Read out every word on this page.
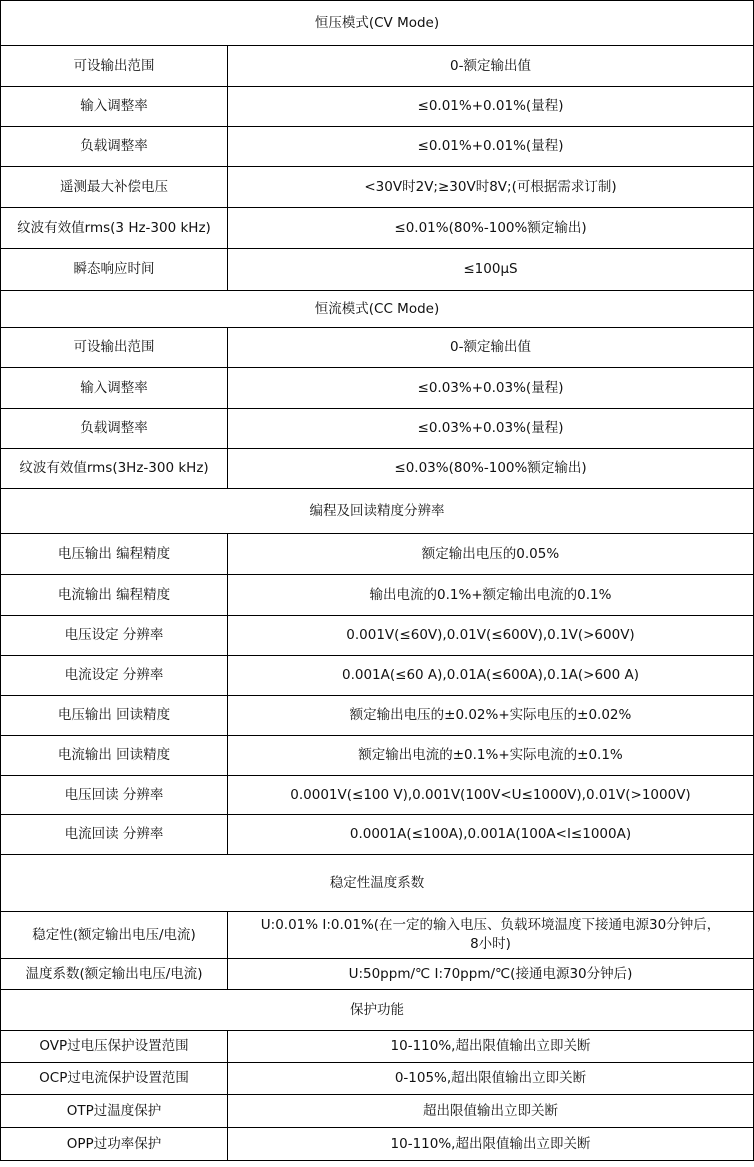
恒压模式(CV Mode)	
可设输出范围	0-额定输出值
输入调整率	≤0.01%+0.01%(量程)
负载调整率	≤0.01%+0.01%(量程)
遥测最大补偿电压	<30V时2V;≥30V时8V;(可根据需求订制)
纹波有效值rms(3 Hz-300 kHz)	≤0.01%(80%-100%额定输出)
瞬态响应时间	≤100μS
恒流模式(CC Mode)	
可设输出范围	0-额定输出值
输入调整率	≤0.03%+0.03%(量程)
负载调整率	≤0.03%+0.03%(量程)
纹波有效值rms(3Hz-300 kHz)	≤0.03%(80%-100%额定输出)
编程及回读精度分辨率	
电压输出 编程精度	额定输出电压的0.05%
电流输出 编程精度	输出电流的0.1%+额定输出电流的0.1%
电压设定 分辨率	0.001V(≤60V),0.01V(≤600V),0.1V(>600V)
电流设定 分辨率	0.001A(≤60 A),0.01A(≤600A),0.1A(>600 A)
电压输出 回读精度	额定输出电压的±0.02%+实际电压的±0.02%
电流输出 回读精度	额定输出电流的±0.1%+实际电流的±0.1%
电压回读 分辨率	0.0001V(≤100 V),0.001V(100V<U≤1000V),0.01V(>1000V)
电流回读 分辨率	0.0001A(≤100A),0.001A(100A<I≤1000A)
稳定性温度系数	
稳定性(额定输出电压/电流)	U:0.01% I:0.01%(在一定的输入电压、负载环境温度下接通电源30分钟后，
8小时)

温度系数(额定输出电压/电流)	U:50ppm/℃ I:70ppm/℃(接通电源30分钟后)
保护功能	
OVP过电压保护设置范围	10-110%,超出限值输出立即关断
OCP过电流保护设置范围	0-105%,超出限值输出立即关断
OTP过温度保护	超出限值输出立即关断
OPP过功率保护	10-110%,超出限值输出立即关断
